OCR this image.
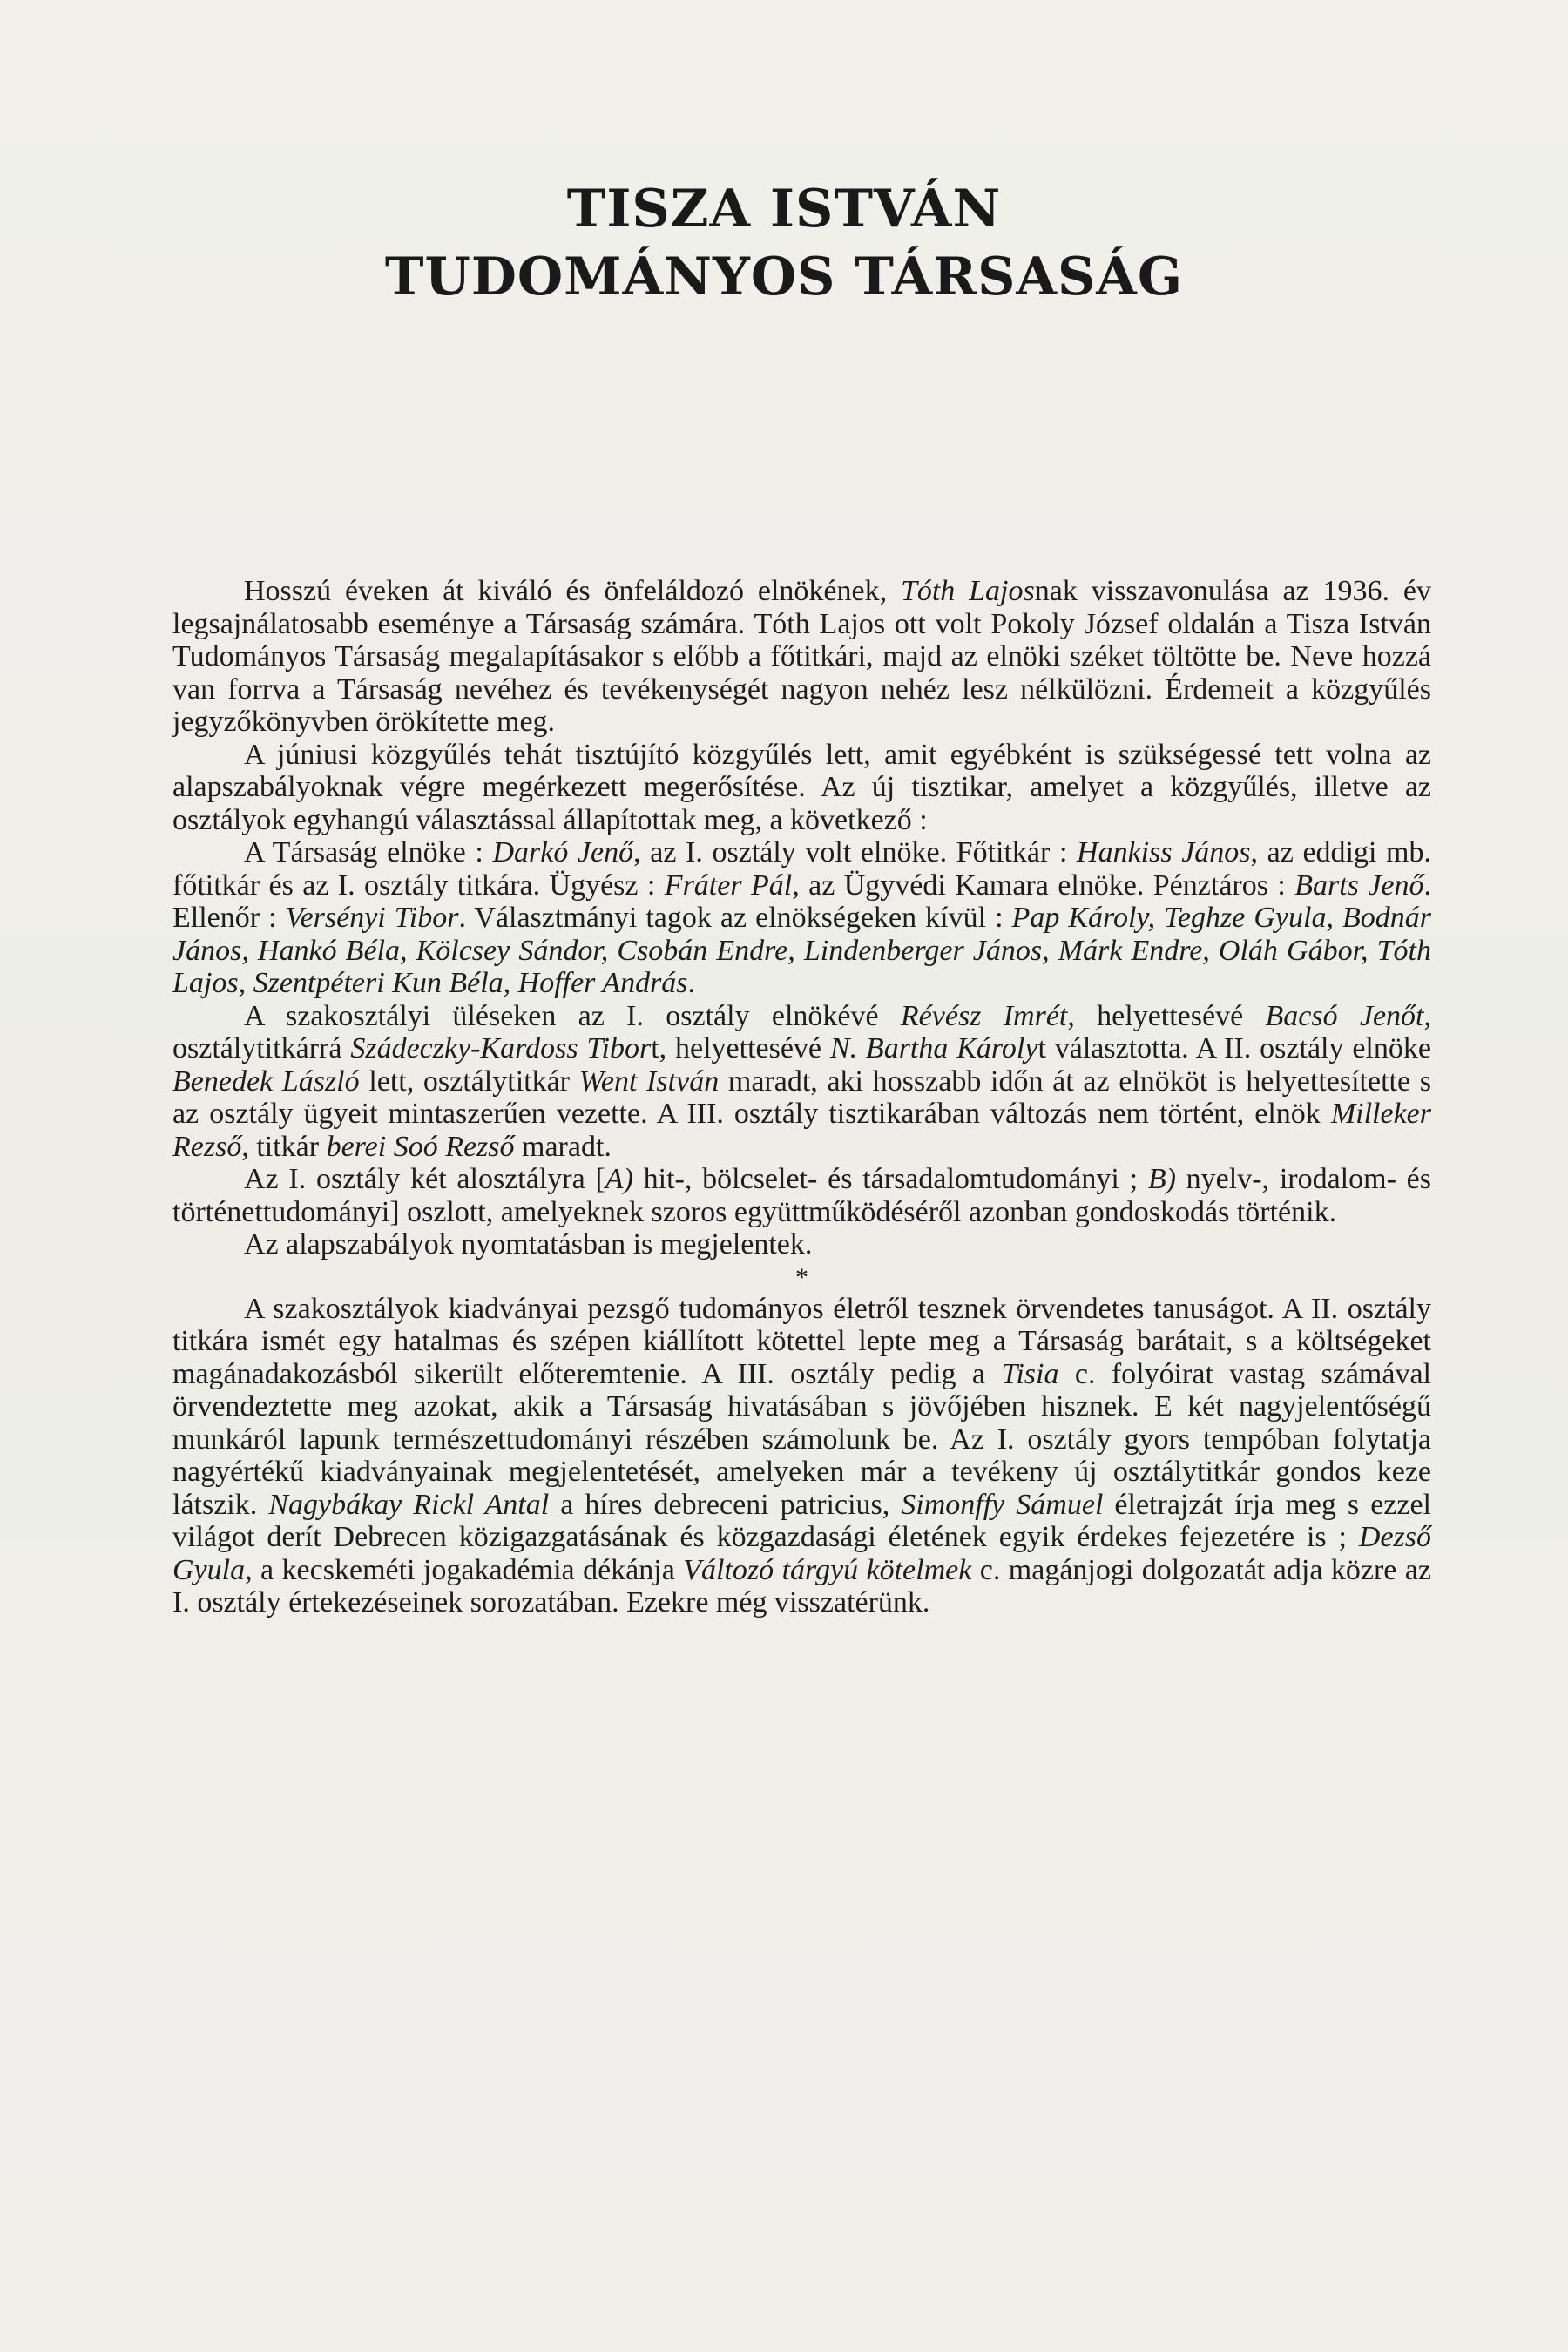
TISZA ISTVÁN
TUDOMÁNYOS TÁRSASÁG

Hosszú éveken át kiváló és önfeláldozó elnökének, Tóth Lajosnak visszavonulása az 1936. év legsajnálatosabb eseménye a Társaság számára. Tóth Lajos ott volt Pokoly József oldalán a Tisza István Tudományos Társaság megalapításakor s előbb a főtitkári, majd az elnöki széket töltötte be. Neve hozzá van forrva a Társaság nevéhez és tevékenységét nagyon nehéz lesz nélkülözni. Érdemeit a közgyűlés jegyzőkönyvben örökítette meg.

A júniusi közgyűlés tehát tisztújító közgyűlés lett, amit egyébként is szükségessé tett volna az alapszabályoknak végre megérkezett megerősítése. Az új tisztikar, amelyet a közgyűlés, illetve az osztályok egyhangú választással állapítottak meg, a következő :

A Társaság elnöke : Darkó Jenő, az I. osztály volt elnöke. Főtitkár : Hankiss János, az eddigi mb. főtitkár és az I. osztály titkára. Ügyész : Fráter Pál, az Ügyvédi Kamara elnöke. Pénztáros : Barts Jenő. Ellenőr : Versényi Tibor. Választmányi tagok az elnökségeken kívül : Pap Károly, Teghze Gyula, Bodnár János, Hankó Béla, Kölcsey Sándor, Csobán Endre, Lindenberger János, Márk Endre, Oláh Gábor, Tóth Lajos, Szentpéteri Kun Béla, Hoffer András.

A szakosztályi üléseken az I. osztály elnökévé Révész Imrét, helyettesévé Bacsó Jenőt, osztálytitkárrá Szádeczky-Kardoss Tibort, helyettesévé N. Bartha Károlyt választotta. A II. osztály elnöke Benedek László lett, osztálytitkár Went István maradt, aki hosszabb időn át az elnököt is helyettesítette s az osztály ügyeit mintaszerűen vezette. A III. osztály tisztikarában változás nem történt, elnök Milleker Rezső, titkár berei Soó Rezső maradt.

Az I. osztály két alosztályra [A) hit-, bölcselet- és társadalomtudományi ; B) nyelv-, irodalom- és történettudományi] oszlott, amelyeknek szoros együttműködéséről azonban gondoskodás történik.

Az alapszabályok nyomtatásban is megjelentek.

*

A szakosztályok kiadványai pezsgő tudományos életről tesznek örvendetes tanuságot. A II. osztály titkára ismét egy hatalmas és szépen kiállított kötettel lepte meg a Társaság barátait, s a költségeket magánadakozásból sikerült előteremtenie. A III. osztály pedig a Tisia c. folyóirat vastag számával örvendeztette meg azokat, akik a Társaság hivatásában s jövőjében hisznek. E két nagyjelentőségű munkáról lapunk természettudományi részében számolunk be. Az I. osztály gyors tempóban folytatja nagyértékű kiadványainak megjelentetését, amelyeken már a tevékeny új osztálytitkár gondos keze látszik. Nagybákay Rickl Antal a híres debreceni patricius, Simonffy Sámuel életrajzát írja meg s ezzel világot derít Debrecen közigazgatásának és közgazdasági életének egyik érdekes fejezetére is ; Dezső Gyula, a kecskeméti jogakadémia dékánja Változó tárgyú kötelmek c. magánjogi dolgozatát adja közre az I. osztály értekezéseinek sorozatában. Ezekre még visszatérünk.
